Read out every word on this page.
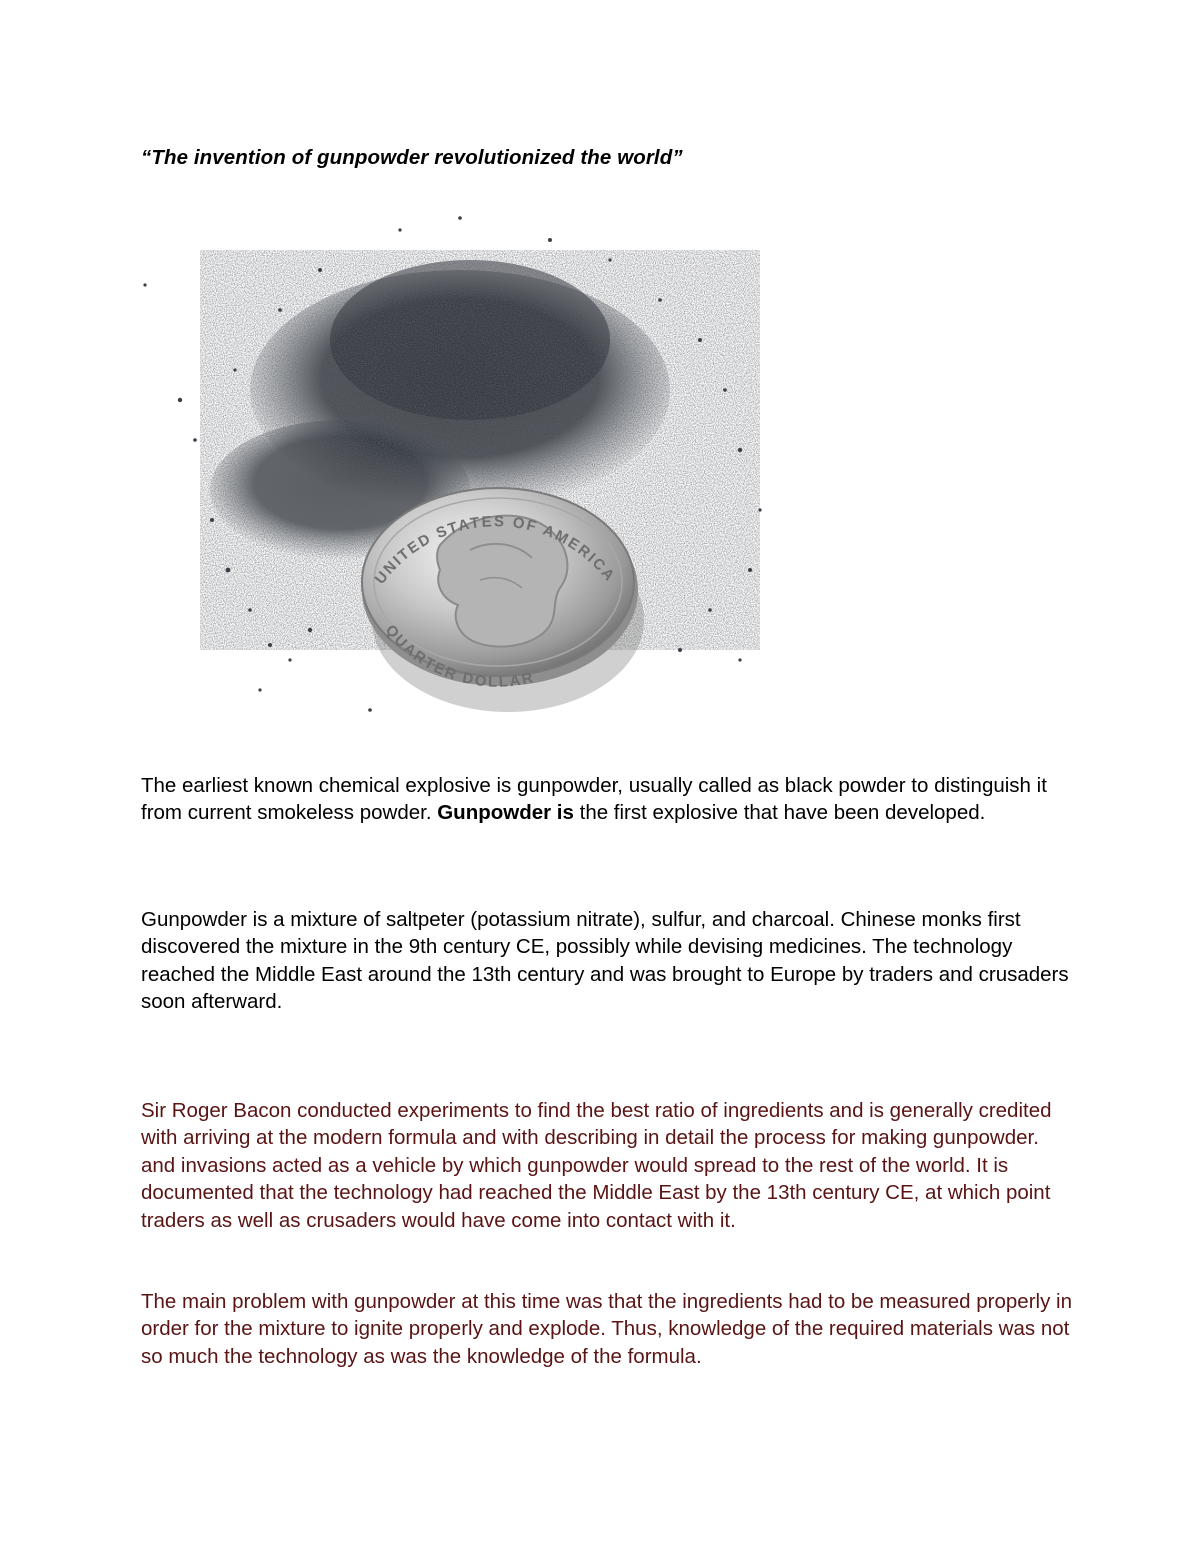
“The invention of gunpowder revolutionized the world”
UNITED STATES OF AMERICA
QUARTER DOLLAR

The earliest known chemical explosive is gunpowder, usually called as black powder to distinguish it from current smokeless powder. Gunpowder is the first explosive that have been developed.

Gunpowder is a mixture of saltpeter (potassium nitrate), sulfur, and charcoal. Chinese monks first discovered the mixture in the 9th century CE, possibly while devising medicines. The technology reached the Middle East around the 13th century and was brought to Europe by traders and crusaders soon afterward.

Sir Roger Bacon conducted experiments to find the best ratio of ingredients and is generally credited with arriving at the modern formula and with describing in detail the process for making gunpowder. and invasions acted as a vehicle by which gunpowder would spread to the rest of the world. It is documented that the technology had reached the Middle East by the 13th century CE, at which point traders as well as crusaders would have come into contact with it.

The main problem with gunpowder at this time was that the ingredients had to be measured properly in order for the mixture to ignite properly and explode. Thus, knowledge of the required materials was not so much the technology as was the knowledge of the formula.
